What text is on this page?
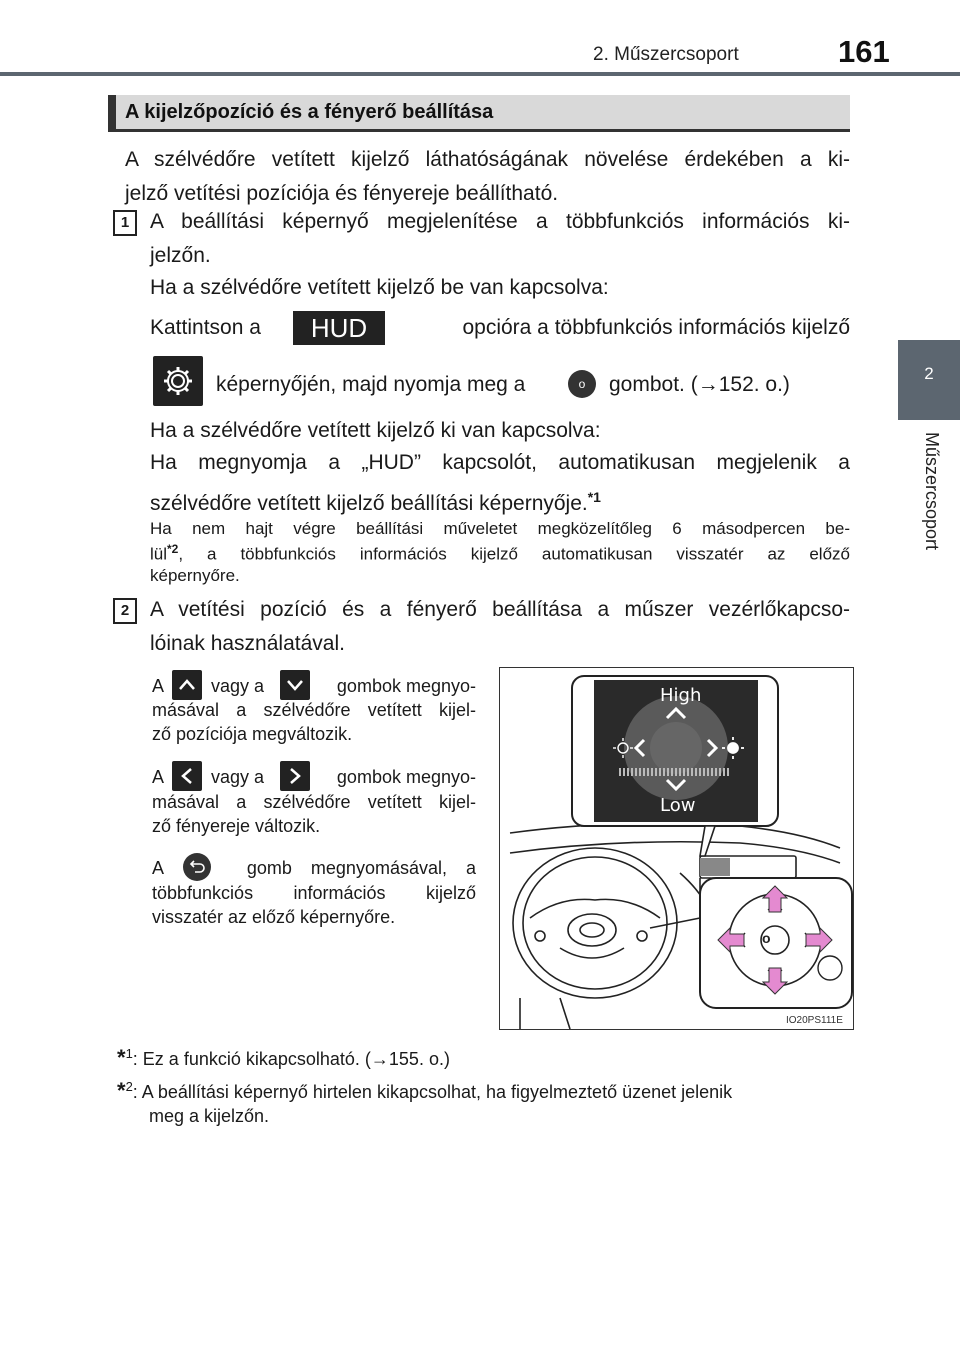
2. Műszercsoport	161
2
Műszercsoport
A kijelzőpozíció és a fényerő beállítása
A szélvédőre vetített kijelző láthatóságának növelése érdekében a ki-
jelző vetítési pozíciója és fényereje beállítható.
1 A beállítási képernyő megjelenítése a többfunkciós információs ki-
jelzőn.
Ha a szélvédőre vetített kijelző be van kapcsolva:
Kattintson a	opcióra a többfunkciós információs kijelző
HUD
képernyőjén, majd nyomja meg a	o	gombot. (→152. o.)
Ha a szélvédőre vetített kijelző ki van kapcsolva:
Ha megnyomja a „HUD” kapcsolót, automatikusan megjelenik a
szélvédőre vetített kijelző beállítási képernyője.$^{*1}$
Ha nem hajt végre beállítási műveletet megközelítőleg 6 másodpercen be-
lül$^{*2}$, a többfunkciós információs kijelző automatikusan visszatér az előző
képernyőre.
2 A vetítési pozíció és a fényerő beállítása a műszer vezérlőkapcso-
lóinak használatával.
A	vagy a	gombok megnyo-
másával a szélvédőre vetített kijel-
ző pozíciója megváltozik.
A	vagy a	gombok megnyo-
másával a szélvédőre vetített kijel-
ző fényereje változik.
A	gomb megnyomásával, a
többfunkciós információs kijelző
visszatér az előző képernyőre.
High
Low
o
IO20PS111E
*$^1$: Ez a funkció kikapcsolható. (→155. o.)
*$^2$: A beállítási képernyő hirtelen kikapcsolhat, ha figyelmeztető üzenet jelenik
meg a kijelzőn.
